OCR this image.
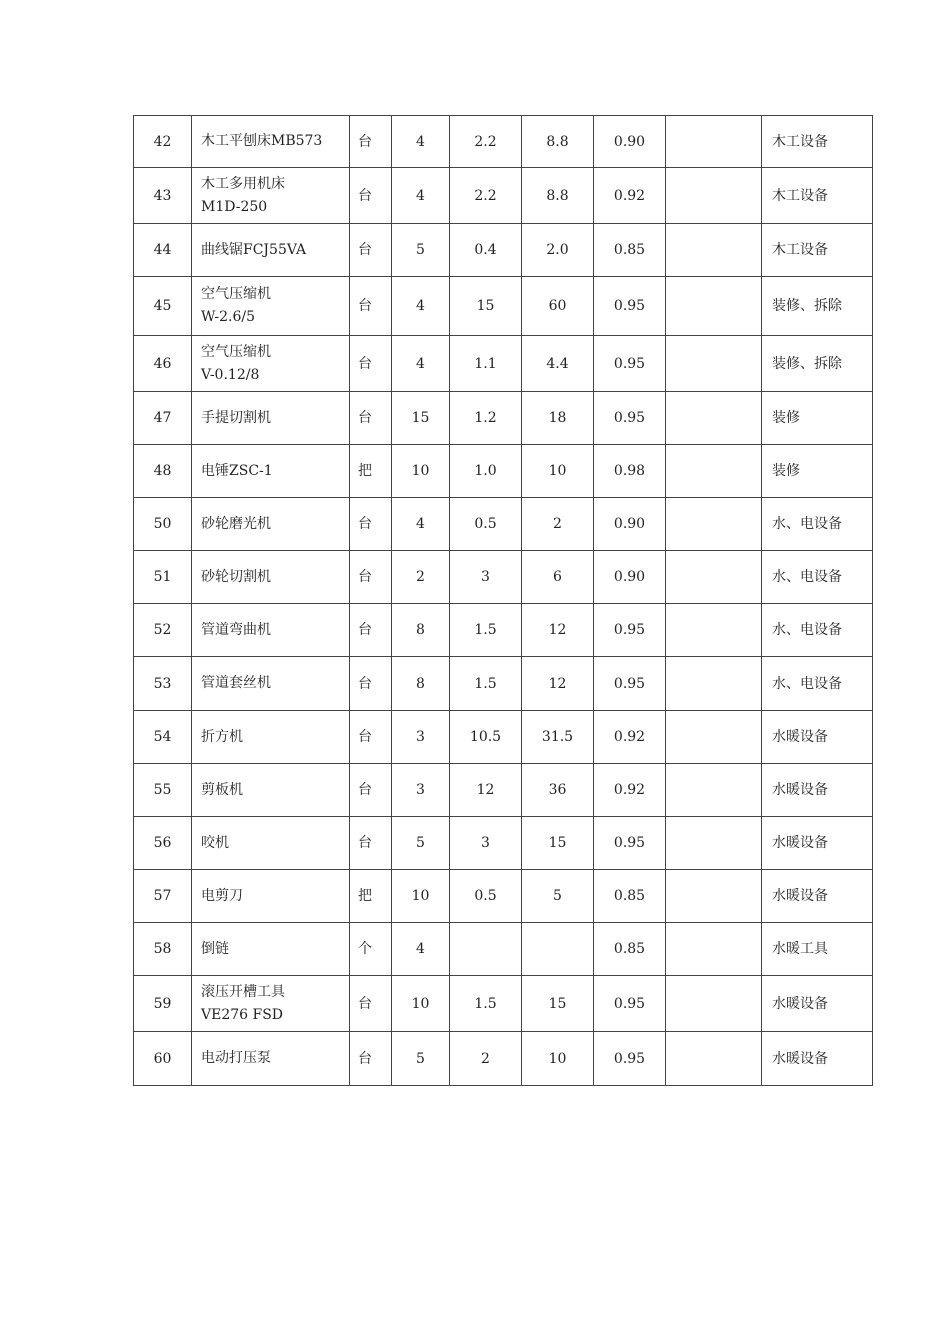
42	木工平刨床MB573	台	4	2.2	8.8	0.90		木工设备
43	木工多用机床
M1D-250	台	4	2.2	8.8	0.92		木工设备
44	曲线锯FCJ55VA	台	5	0.4	2.0	0.85		木工设备
45	空气压缩机
W-2.6/5	台	4	15	60	0.95		装修、拆除
46	空气压缩机
V-0.12/8	台	4	1.1	4.4	0.95		装修、拆除
47	手提切割机	台	15	1.2	18	0.95		装修
48	电锤ZSC-1	把	10	1.0	10	0.98		装修
50	砂轮磨光机	台	4	0.5	2	0.90		水、电设备
51	砂轮切割机	台	2	3	6	0.90		水、电设备
52	管道弯曲机	台	8	1.5	12	0.95		水、电设备
53	管道套丝机	台	8	1.5	12	0.95		水、电设备
54	折方机	台	3	10.5	31.5	0.92		水暖设备
55	剪板机	台	3	12	36	0.92		水暖设备
56	咬机	台	5	3	15	0.95		水暖设备
57	电剪刀	把	10	0.5	5	0.85		水暖设备
58	倒链	个	4			0.85		水暖工具
59	滚压开槽工具
VE276 FSD	台	10	1.5	15	0.95		水暖设备
60	电动打压泵	台	5	2	10	0.95		水暖设备
